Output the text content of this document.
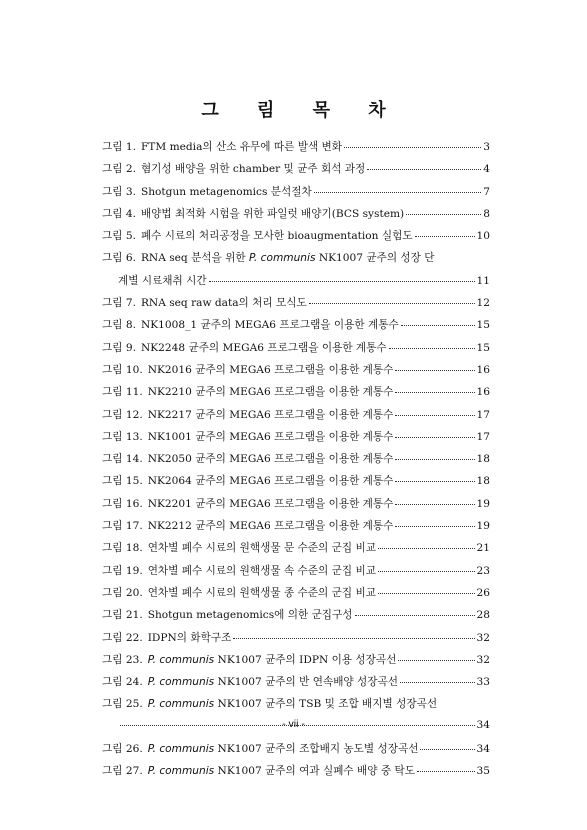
그 림 목 차
그림 1. FTM media의 산소 유무에 따른 발색 변화	3
그림 2. 혐기성 배양을 위한 chamber 및 균주 회석 과정	4
그림 3. Shotgun metagenomics 분석절차	7
그림 4. 배양법 최적화 시험을 위한 파일럿 배양기(BCS system)	8
그림 5. 폐수 시료의 처리공정을 모사한 bioaugmentation 실험도	10
그림 6. RNA seq 분석을 위한 P. communis NK1007 균주의 성장 단
계별 시료채취 시간	11
그림 7. RNA seq raw data의 처리 모식도	12
그림 8. NK1008_1 균주의 MEGA6 프로그램을 이용한 계통수	15
그림 9. NK2248 균주의 MEGA6 프로그램을 이용한 계통수	15
그림 10. NK2016 균주의 MEGA6 프로그램을 이용한 계통수	16
그림 11. NK2210 균주의 MEGA6 프로그램을 이용한 계통수	16
그림 12. NK2217 균주의 MEGA6 프로그램을 이용한 계통수	17
그림 13. NK1001 균주의 MEGA6 프로그램을 이용한 계통수	17
그림 14. NK2050 균주의 MEGA6 프로그램을 이용한 계통수	18
그림 15. NK2064 균주의 MEGA6 프로그램을 이용한 계통수	18
그림 16. NK2201 균주의 MEGA6 프로그램을 이용한 계통수	19
그림 17. NK2212 균주의 MEGA6 프로그램을 이용한 계통수	19
그림 18. 연차별 폐수 시료의 원핵생물 문 수준의 군집 비교	21
그림 19. 연차별 폐수 시료의 원핵생물 속 수준의 군집 비교	23
그림 20. 연차별 폐수 시료의 원핵생물 종 수준의 군집 비교	26
그림 21. Shotgun metagenomics에 의한 군집구성	28
그림 22. IDPN의 화학구조	32
그림 23. P. communis NK1007 균주의 IDPN 이용 성장곡선	32
그림 24. P. communis NK1007 균주의 반 연속배양 성장곡선	33
그림 25. P. communis NK1007 균주의 TSB 및 조합 배지별 성장곡선
34
그림 26. P. communis NK1007 균주의 조합배지 농도별 성장곡선	34
그림 27. P. communis NK1007 균주의 여과 실폐수 배양 중 탁도	35
- vii -
